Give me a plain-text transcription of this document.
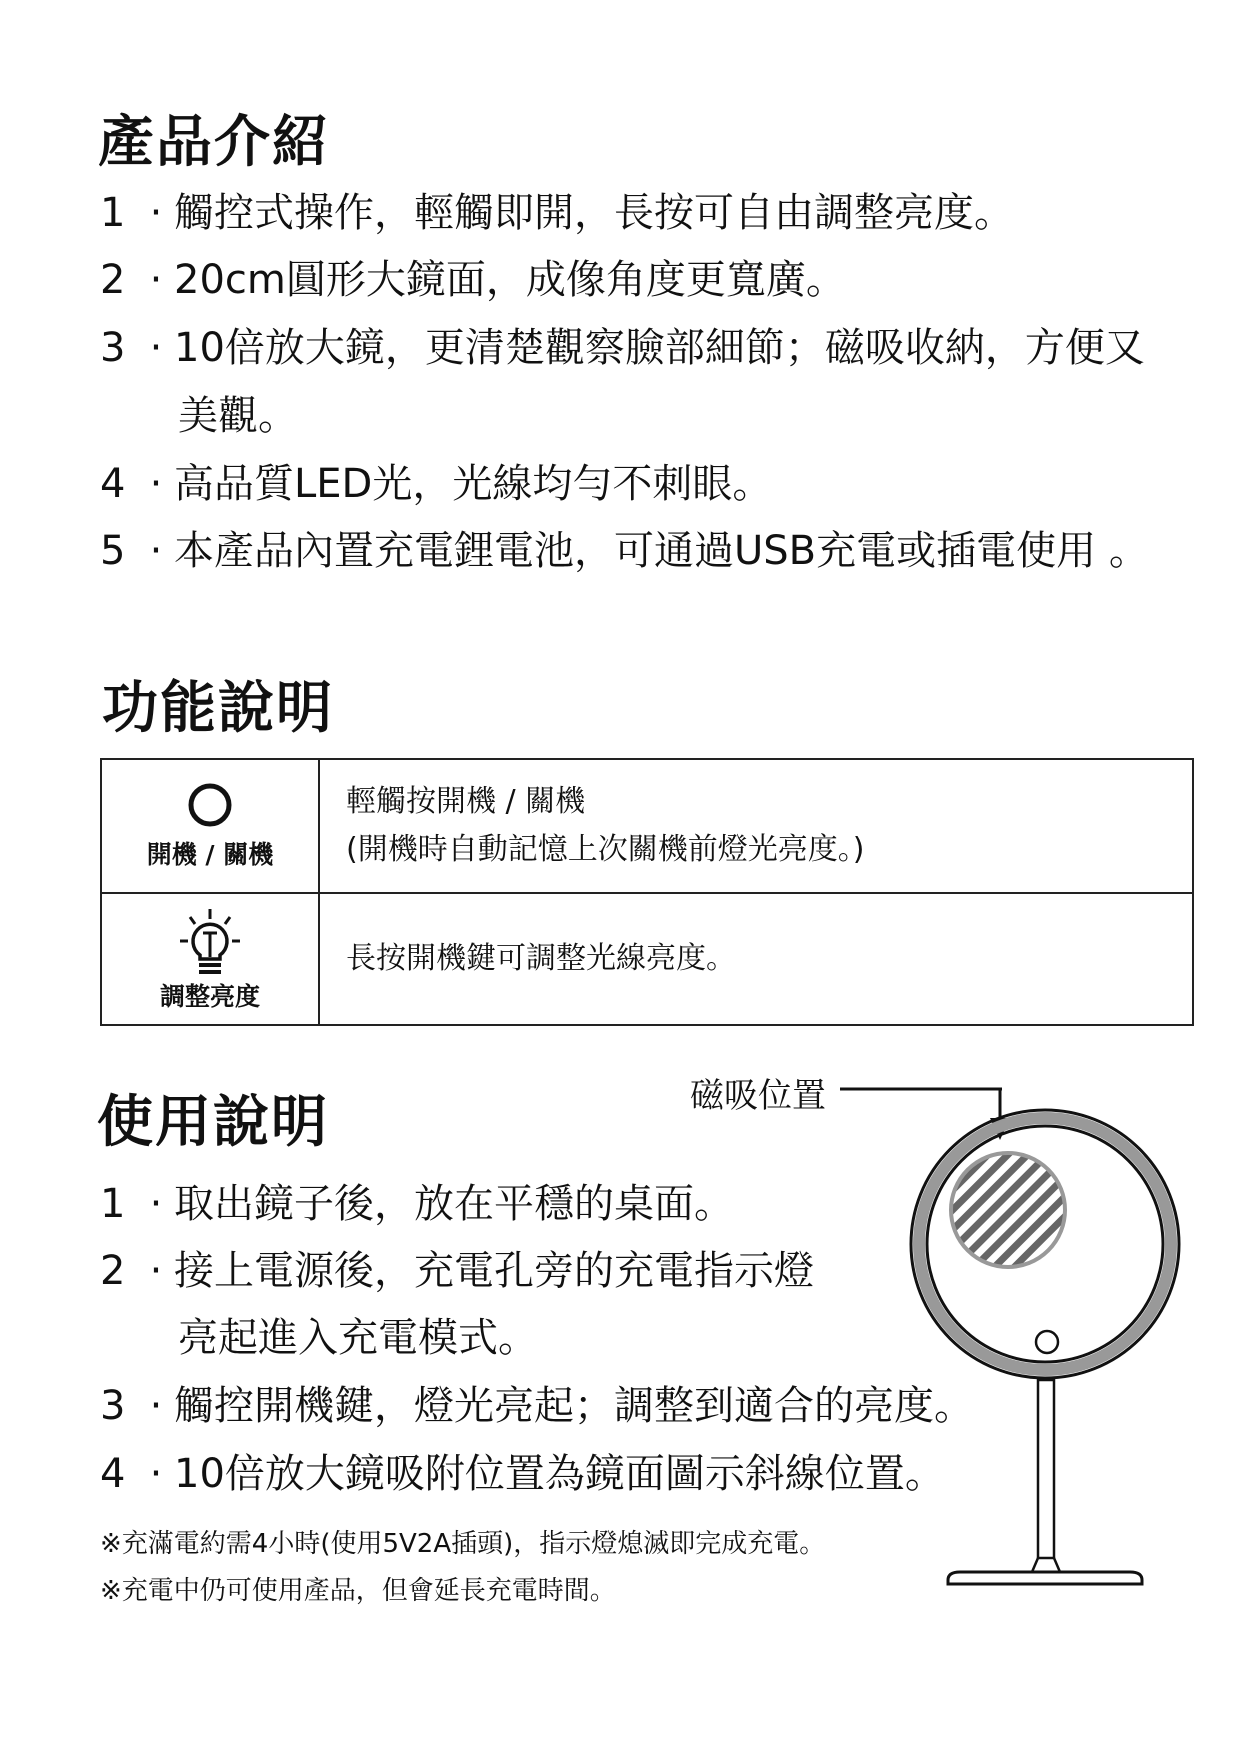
產品介紹
1 · 觸控式操作，輕觸即開，長按可自由調整亮度。
2 · 20cm圓形大鏡面，成像角度更寬廣。
3 · 10倍放大鏡，更清楚觀察臉部細節；磁吸收納，方便又
美觀。
4 · 高品質LED光，光線均勻不刺眼。
5 · 本產品內置充電鋰電池，可通過USB充電或插電使用 。
功能說明
開機 / 關機	輕觸按開機 / 關機
(開機時自動記憶上次關機前燈光亮度。)

調整亮度	長按開機鍵可調整光線亮度。
使用說明	磁吸位置
1 · 取出鏡子後，放在平穩的桌面。
2 · 接上電源後，充電孔旁的充電指示燈
亮起進入充電模式。
3 · 觸控開機鍵，燈光亮起；調整到適合的亮度。
4 · 10倍放大鏡吸附位置為鏡面圖示斜線位置。
※充滿電約需4小時(使用5V2A插頭)，指示燈熄滅即完成充電。
※充電中仍可使用產品，但會延長充電時間。
